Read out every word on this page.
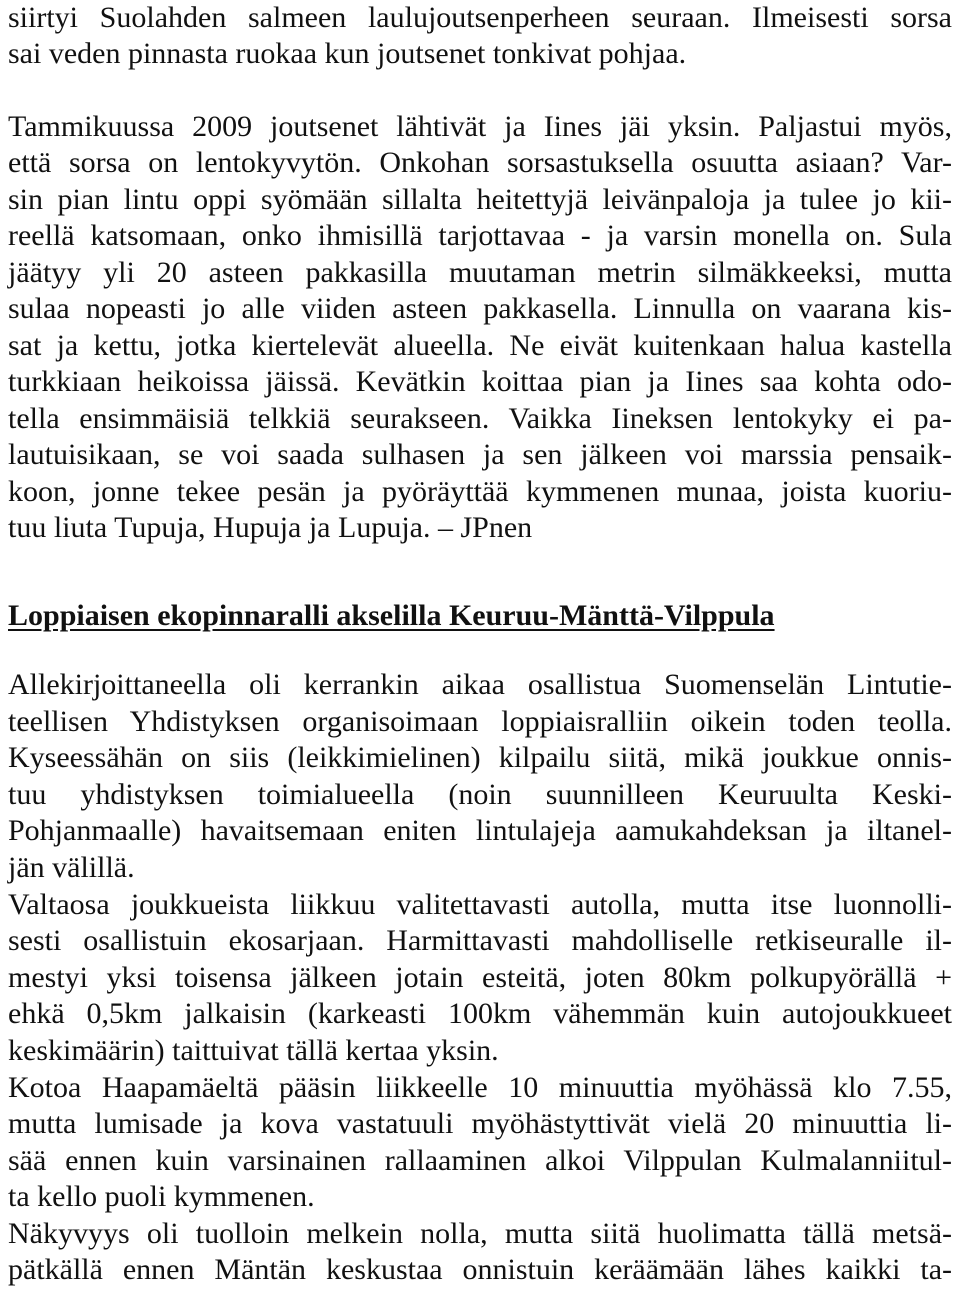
siirtyi Suolahden salmeen laulujoutsenperheen seuraan. Ilmeisesti sorsa
sai veden pinnasta ruokaa kun joutsenet tonkivat pohjaa.
Tammikuussa 2009 joutsenet lähtivät ja Iines jäi yksin. Paljastui myös,
että sorsa on lentokyvytön. Onkohan sorsastuksella osuutta asiaan? Var-
sin pian lintu oppi syömään sillalta heitettyjä leivänpaloja ja tulee jo kii-
reellä katsomaan, onko ihmisillä tarjottavaa - ja varsin monella on. Sula
jäätyy yli 20 asteen pakkasilla muutaman metrin silmäkkeeksi, mutta
sulaa nopeasti jo alle viiden asteen pakkasella. Linnulla on vaarana kis-
sat ja kettu, jotka kiertelevät alueella. Ne eivät kuitenkaan halua kastella
turkkiaan heikoissa jäissä. Kevätkin koittaa pian ja Iines saa kohta odo-
tella ensimmäisiä telkkiä seurakseen. Vaikka Iineksen lentokyky ei pa-
lautuisikaan, se voi saada sulhasen ja sen jälkeen voi marssia pensaik-
koon, jonne tekee pesän ja pyöräyttää kymmenen munaa, joista kuoriu-
tuu liuta Tupuja, Hupuja ja Lupuja. – JPnen
Loppiaisen ekopinnaralli akselilla Keuruu-Mänttä-Vilppula
Allekirjoittaneella oli kerrankin aikaa osallistua Suomenselän Lintutie-
teellisen Yhdistyksen organisoimaan loppiaisralliin oikein toden teolla.
Kyseessähän on siis (leikkimielinen) kilpailu siitä, mikä joukkue onnis-
tuu yhdistyksen toimialueella (noin suunnilleen Keuruulta Keski-
Pohjanmaalle) havaitsemaan eniten lintulajeja aamukahdeksan ja iltanel-
jän välillä.
Valtaosa joukkueista liikkuu valitettavasti autolla, mutta itse luonnolli-
sesti osallistuin ekosarjaan. Harmittavasti mahdolliselle retkiseuralle il-
mestyi yksi toisensa jälkeen jotain esteitä, joten 80km polkupyörällä +
ehkä 0,5km jalkaisin (karkeasti 100km vähemmän kuin autojoukkueet
keskimäärin) taittuivat tällä kertaa yksin.
Kotoa Haapamäeltä pääsin liikkeelle 10 minuuttia myöhässä klo 7.55,
mutta lumisade ja kova vastatuuli myöhästyttivät vielä 20 minuuttia li-
sää ennen kuin varsinainen rallaaminen alkoi Vilppulan Kulmalanniitul-
ta kello puoli kymmenen.
Näkyvyys oli tuolloin melkein nolla, mutta siitä huolimatta tällä metsä-
pätkällä ennen Mäntän keskustaa onnistuin keräämään lähes kaikki ta-
